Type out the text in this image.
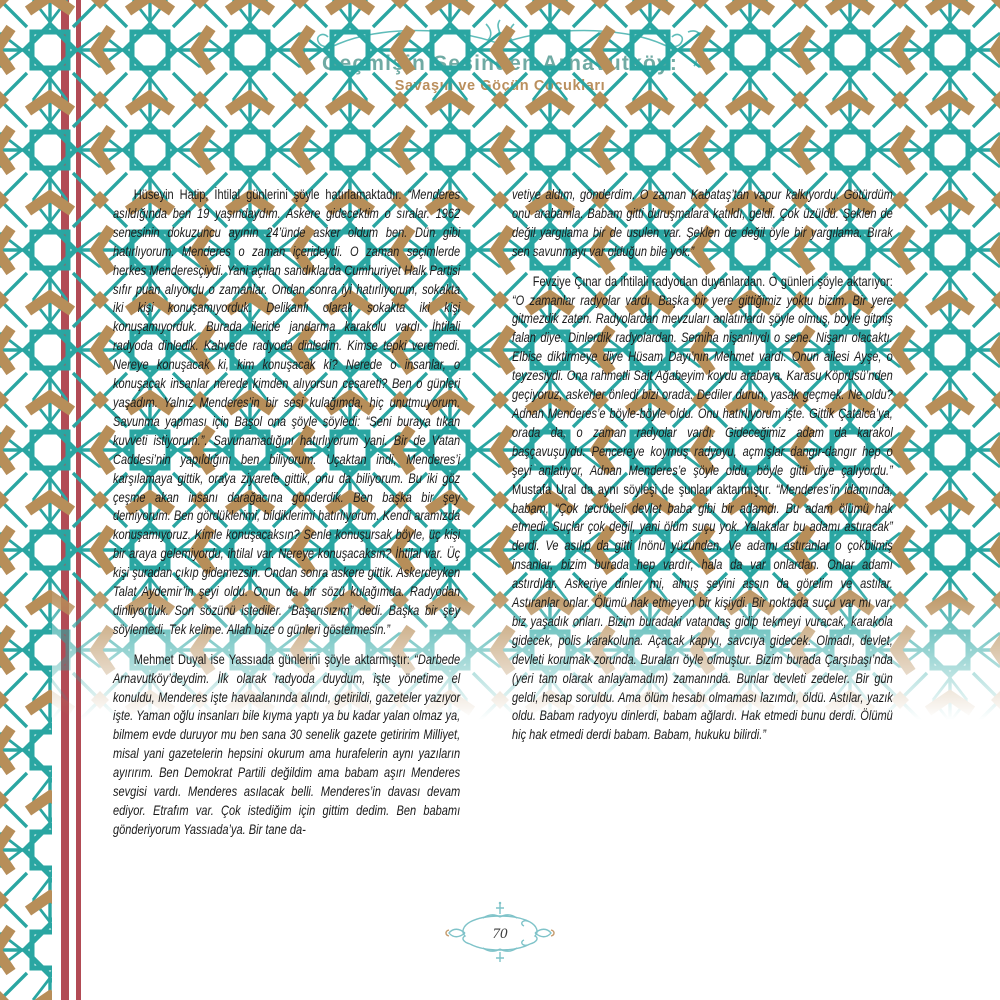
Hüseyin Hatip, İhtilal günlerini şöyle hatırlamaktadır. “Menderes asıldığında ben 19 yaşındaydım. Askere gidecektim o sıralar. 1962 senesinin dokuzuncu ayının 24’ünde asker oldum ben. Dün gibi hatırlıyorum. Menderes o zaman içerideydi. O zaman seçimlerde herkes Menderesçiydi. Yani açılan sandıklarda Cumhuriyet Halk Partisi sıfır puan alıyordu o zamanlar. Ondan sonra iyi hatırlıyorum, sokakta iki kişi konuşamıyorduk. Delikanlı olarak sokakta iki kişi konuşamıyorduk. Burada ileride jandarma karakolu vardı. İhtilali radyoda dinledik. Kahvede radyoda dinledim. Kimse tepki veremedi. Nereye konuşacak ki, kim konuşacak ki? Nerede o insanlar, o konuşacak insanlar nerede kimden alıyorsun cesareti? Ben o günleri yaşadım. Yalnız Menderes’in bir sesi kulağımda, hiç unutmuyorum. Savunma yapması için Başol ona şöyle söyledi: “Seni buraya tıkan kuvveti istiyorum.”. Savunamadığını hatırlıyorum yani. Bir de Vatan Caddesi’nin yapıldığını ben biliyorum. Uçaktan indi, Menderes’i karşılamaya gittik, oraya ziyarete gittik, onu da biliyorum. Bu iki göz çeşme akan insanı darağacına gönderdik. Ben başka bir şey demiyorum. Ben gördüklerimi, bildiklerimi hatırlıyorum. Kendi aramızda konuşamıyoruz. Kimle konuşacaksın? Senle konuşursak böyle, üç kişi bir araya gelemiyordu, ihtilal var. Nereye konuşacaksın? İhtilal var. Üç kişi şuradan çıkıp gidemezsin. Ondan sonra askere gittik. Askerdeyken Talat Aydemir’in şeyi oldu. Onun da bir sözü kulağımda. Radyodan dinliyorduk. Son sözünü istediler. “Başarısızım” dedi. Başka bir şey söylemedi. Tek kelime. Allah bize o günleri göstermesin.”

Mehmet Duyal ise Yassıada günlerini şöyle aktarmıştır: “Darbede Arnavutköy’deydim. İlk olarak radyoda duydum, işte yönetime el konuldu, Menderes işte havaalanında alındı, getirildi, gazeteler yazıyor işte. Yaman oğlu insanları bile kıyma yaptı ya bu kadar yalan olmaz ya, bilmem evde duruyor mu ben sana 30 senelik gazete getiririm Milliyet, misal yani gazetelerin hepsini okurum ama hurafelerin aynı yazıların ayırırım. Ben Demokrat Partili değildim ama babam aşırı Menderes sevgisi vardı. Menderes asılacak belli. Menderes’in davası devam ediyor. Etrafım var. Çok istediğim için gittim dedim. Ben babamı gönderiyorum Yassıada’ya. Bir tane da-

vetiye aldım, gönderdim. O zaman Kabataş’tan vapur kalkıyordu. Götürdüm onu arabamla. Babam gitti duruşmalara katıldı, geldi. Çok üzüldü. Şeklen de değil yargılama bir de usulen var. Şeklen de değil öyle bir yargılama. Bırak sen savunmayı var olduğun bile yok.”

Fevziye Çınar da ihtilali radyodan duyanlardan. O günleri şöyle aktarıyor: “O zamanlar radyolar vardı. Başka bir yere gittiğimiz yoktu bizim. Bir yere gitmezdik zaten. Radyolardan mevzuları anlatırlardı şöyle olmuş, böyle gitmiş falan diye. Dinlerdik radyolardan. Semiha nişanlıydı o sene. Nişanı olacaktı. Elbise diktirmeye diye Hüsam Dayı’nın Mehmet vardı. Onun ailesi Ayşe, o teyzesiydi. Ona rahmetli Sait Ağabeyim koydu arabaya. Karasu Köprüsü’nden geçiyoruz, askerler önledi bizi orada. Dediler durun, yasak geçmek. Ne oldu? Adnan Menderes’e böyle-böyle oldu. Onu hatırlıyorum işte. Gittik Çatalca’ya, orada da, o zaman radyolar vardı. Gideceğimiz adam da karakol başçavuşuydu. Pencereye koymuş radyoyu, açmışlar dangır-dangır hep o şeyi anlatıyor, Adnan Menderes’e şöyle oldu, böyle gitti diye çalıyordu.” Mustafa Ural da aynı söyleşi de şunları aktarmıştır. “Menderes’in idamında, babam, “Çok tecrübeli devlet baba gibi bir adamdı. Bu adam ölümü hak etmedi. Suçlar çok değil, yani ölüm suçu yok. Yalakalar bu adamı astıracak” derdi. Ve asılıp da gitti İnönü yüzünden. Ve adamı astıranlar o çokbilmiş insanlar, bizim burada hep vardır, hala da var onlardan. Onlar adamı astırdılar. Askeriye dinler mi, almış şeyini assın da görelim ve astılar. Astıranlar onlar. Ölümü hak etmeyen bir kişiydi. Bir noktada suçu var mı var, biz yaşadık onları. Bizim buradaki vatandaş gidip tekmeyi vuracak, karakola gidecek, polis karakoluna. Açacak kapıyı, savcıya gidecek. Olmadı, devlet, devleti korumak zorunda. Buraları öyle olmuştur. Bizim burada Çarşıbaşı’nda (yeri tam olarak anlayamadım) zamanında. Bunlar devleti zedeler. Bir gün geldi, hesap soruldu. Ama ölüm hesabı olmaması lazımdı, öldü. Astılar, yazık oldu. Babam radyoyu dinlerdi, babam ağlardı. Hak etmedi bunu derdi. Ölümü hiç hak etmedi derdi babam. Babam, hukuku bilirdi.”

70
